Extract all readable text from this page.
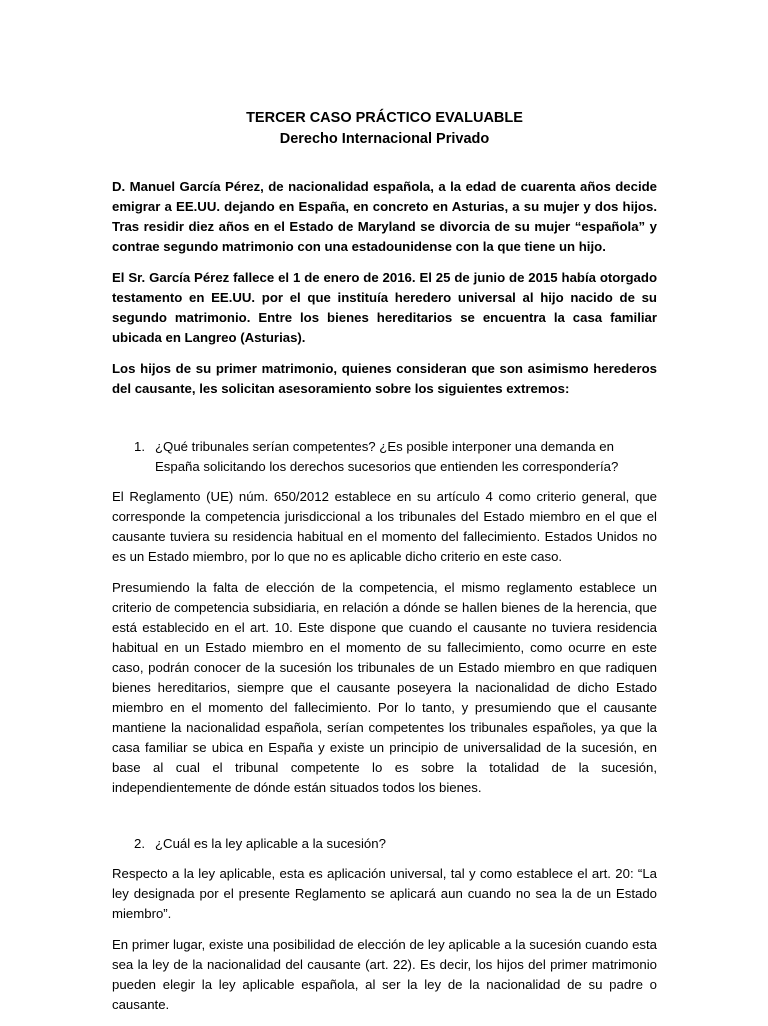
TERCER CASO PRÁCTICO EVALUABLE
Derecho Internacional Privado

D. Manuel García Pérez, de nacionalidad española, a la edad de cuarenta años decide emigrar a EE.UU. dejando en España, en concreto en Asturias, a su mujer y dos hijos. Tras residir diez años en el Estado de Maryland se divorcia de su mujer “española” y contrae segundo matrimonio con una estadounidense con la que tiene un hijo.

El Sr. García Pérez fallece el 1 de enero de 2016. El 25 de junio de 2015 había otorgado testamento en EE.UU. por el que instituía heredero universal al hijo nacido de su segundo matrimonio. Entre los bienes hereditarios se encuentra la casa familiar ubicada en Langreo (Asturias).

Los hijos de su primer matrimonio, quienes consideran que son asimismo herederos del causante, les solicitan asesoramiento sobre los siguientes extremos:

1. ¿Qué tribunales serían competentes? ¿Es posible interponer una demanda en España solicitando los derechos sucesorios que entienden les correspondería?

El Reglamento (UE) núm. 650/2012 establece en su artículo 4 como criterio general, que corresponde la competencia jurisdiccional a los tribunales del Estado miembro en el que el causante tuviera su residencia habitual en el momento del fallecimiento. Estados Unidos no es un Estado miembro, por lo que no es aplicable dicho criterio en este caso.

Presumiendo la falta de elección de la competencia, el mismo reglamento establece un criterio de competencia subsidiaria, en relación a dónde se hallen bienes de la herencia, que está establecido en el art. 10. Este dispone que cuando el causante no tuviera residencia habitual en un Estado miembro en el momento de su fallecimiento, como ocurre en este caso, podrán conocer de la sucesión los tribunales de un Estado miembro en que radiquen bienes hereditarios, siempre que el causante poseyera la nacionalidad de dicho Estado miembro en el momento del fallecimiento. Por lo tanto, y presumiendo que el causante mantiene la nacionalidad española, serían competentes los tribunales españoles, ya que la casa familiar se ubica en España y existe un principio de universalidad de la sucesión, en base al cual el tribunal competente lo es sobre la totalidad de la sucesión, independientemente de dónde están situados todos los bienes.

2. ¿Cuál es la ley aplicable a la sucesión?

Respecto a la ley aplicable, esta es aplicación universal, tal y como establece el art. 20: “La ley designada por el presente Reglamento se aplicará aun cuando no sea la de un Estado miembro”.

En primer lugar, existe una posibilidad de elección de ley aplicable a la sucesión cuando esta sea la ley de la nacionalidad del causante (art. 22). Es decir, los hijos del primer matrimonio pueden elegir la ley aplicable española, al ser la ley de la nacionalidad de su padre o causante.
